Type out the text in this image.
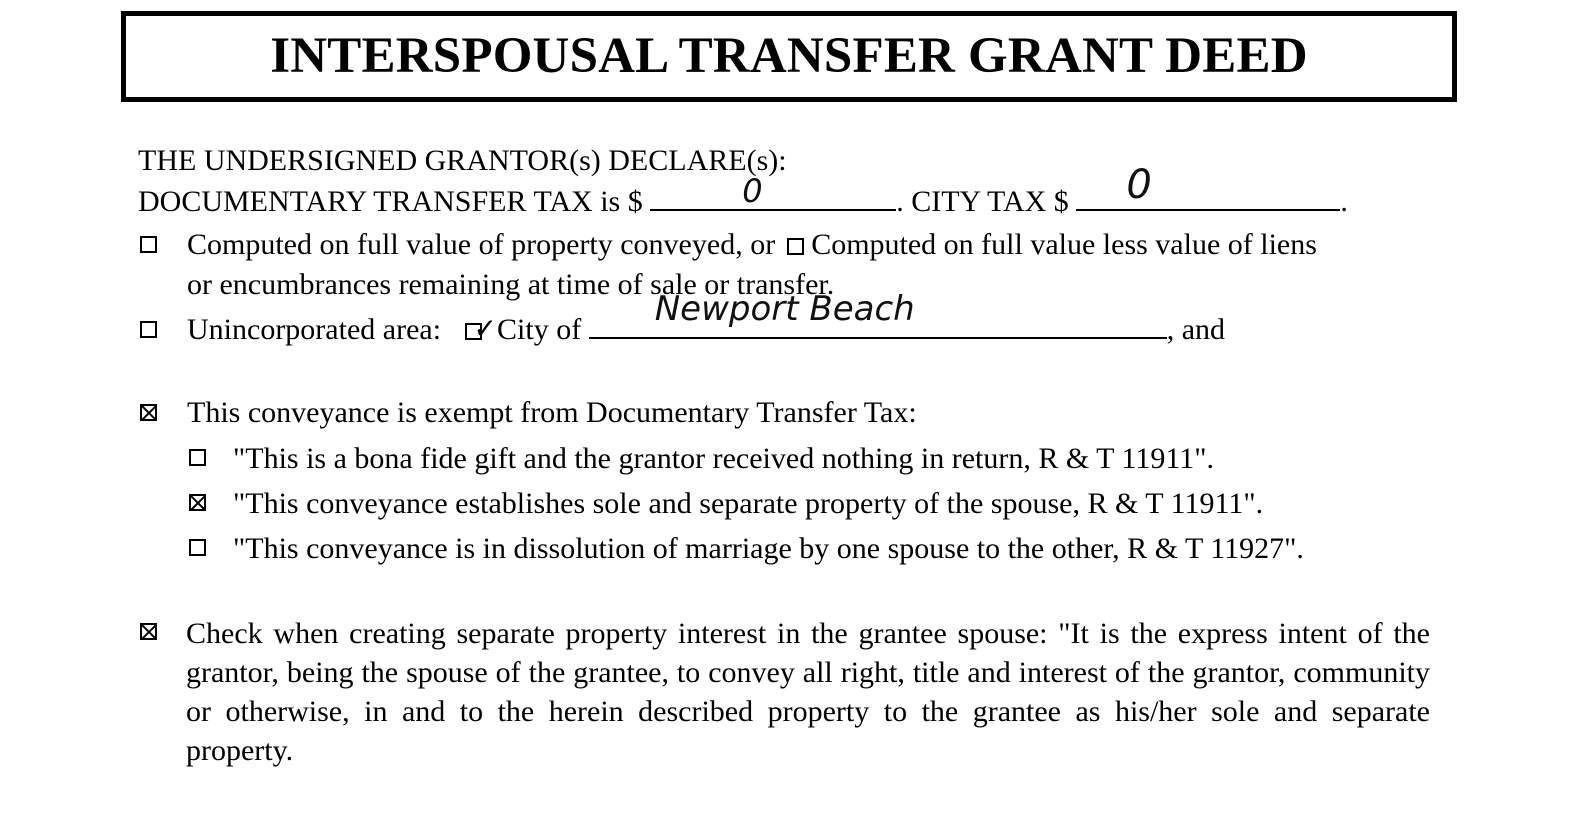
INTERSPOUSAL TRANSFER GRANT DEED
THE UNDERSIGNED GRANTOR(s) DECLARE(s):
DOCUMENTARY TRANSFER TAX is $	0	. CITY TAX $ 0	.
Computed on full value of property conveyed, or Computed on full value less value of liens
or encumbrances remaining at time of sale or transfer.
Unincorporated area: ✓ City of
Newport Beach
, and
This conveyance is exempt from Documentary Transfer Tax:
"This is a bona fide gift and the grantor received nothing in return, R & T 11911".
"This conveyance establishes sole and separate property of the spouse, R & T 11911".
"This conveyance is in dissolution of marriage by one spouse to the other, R & T 11927".
Check when creating separate property interest in the grantee spouse: "It is the express intent of the grantor, being the spouse of the grantee, to convey all right, title and interest of the grantor, community or otherwise, in and to the herein described property to the grantee as his/her sole and separate property.
